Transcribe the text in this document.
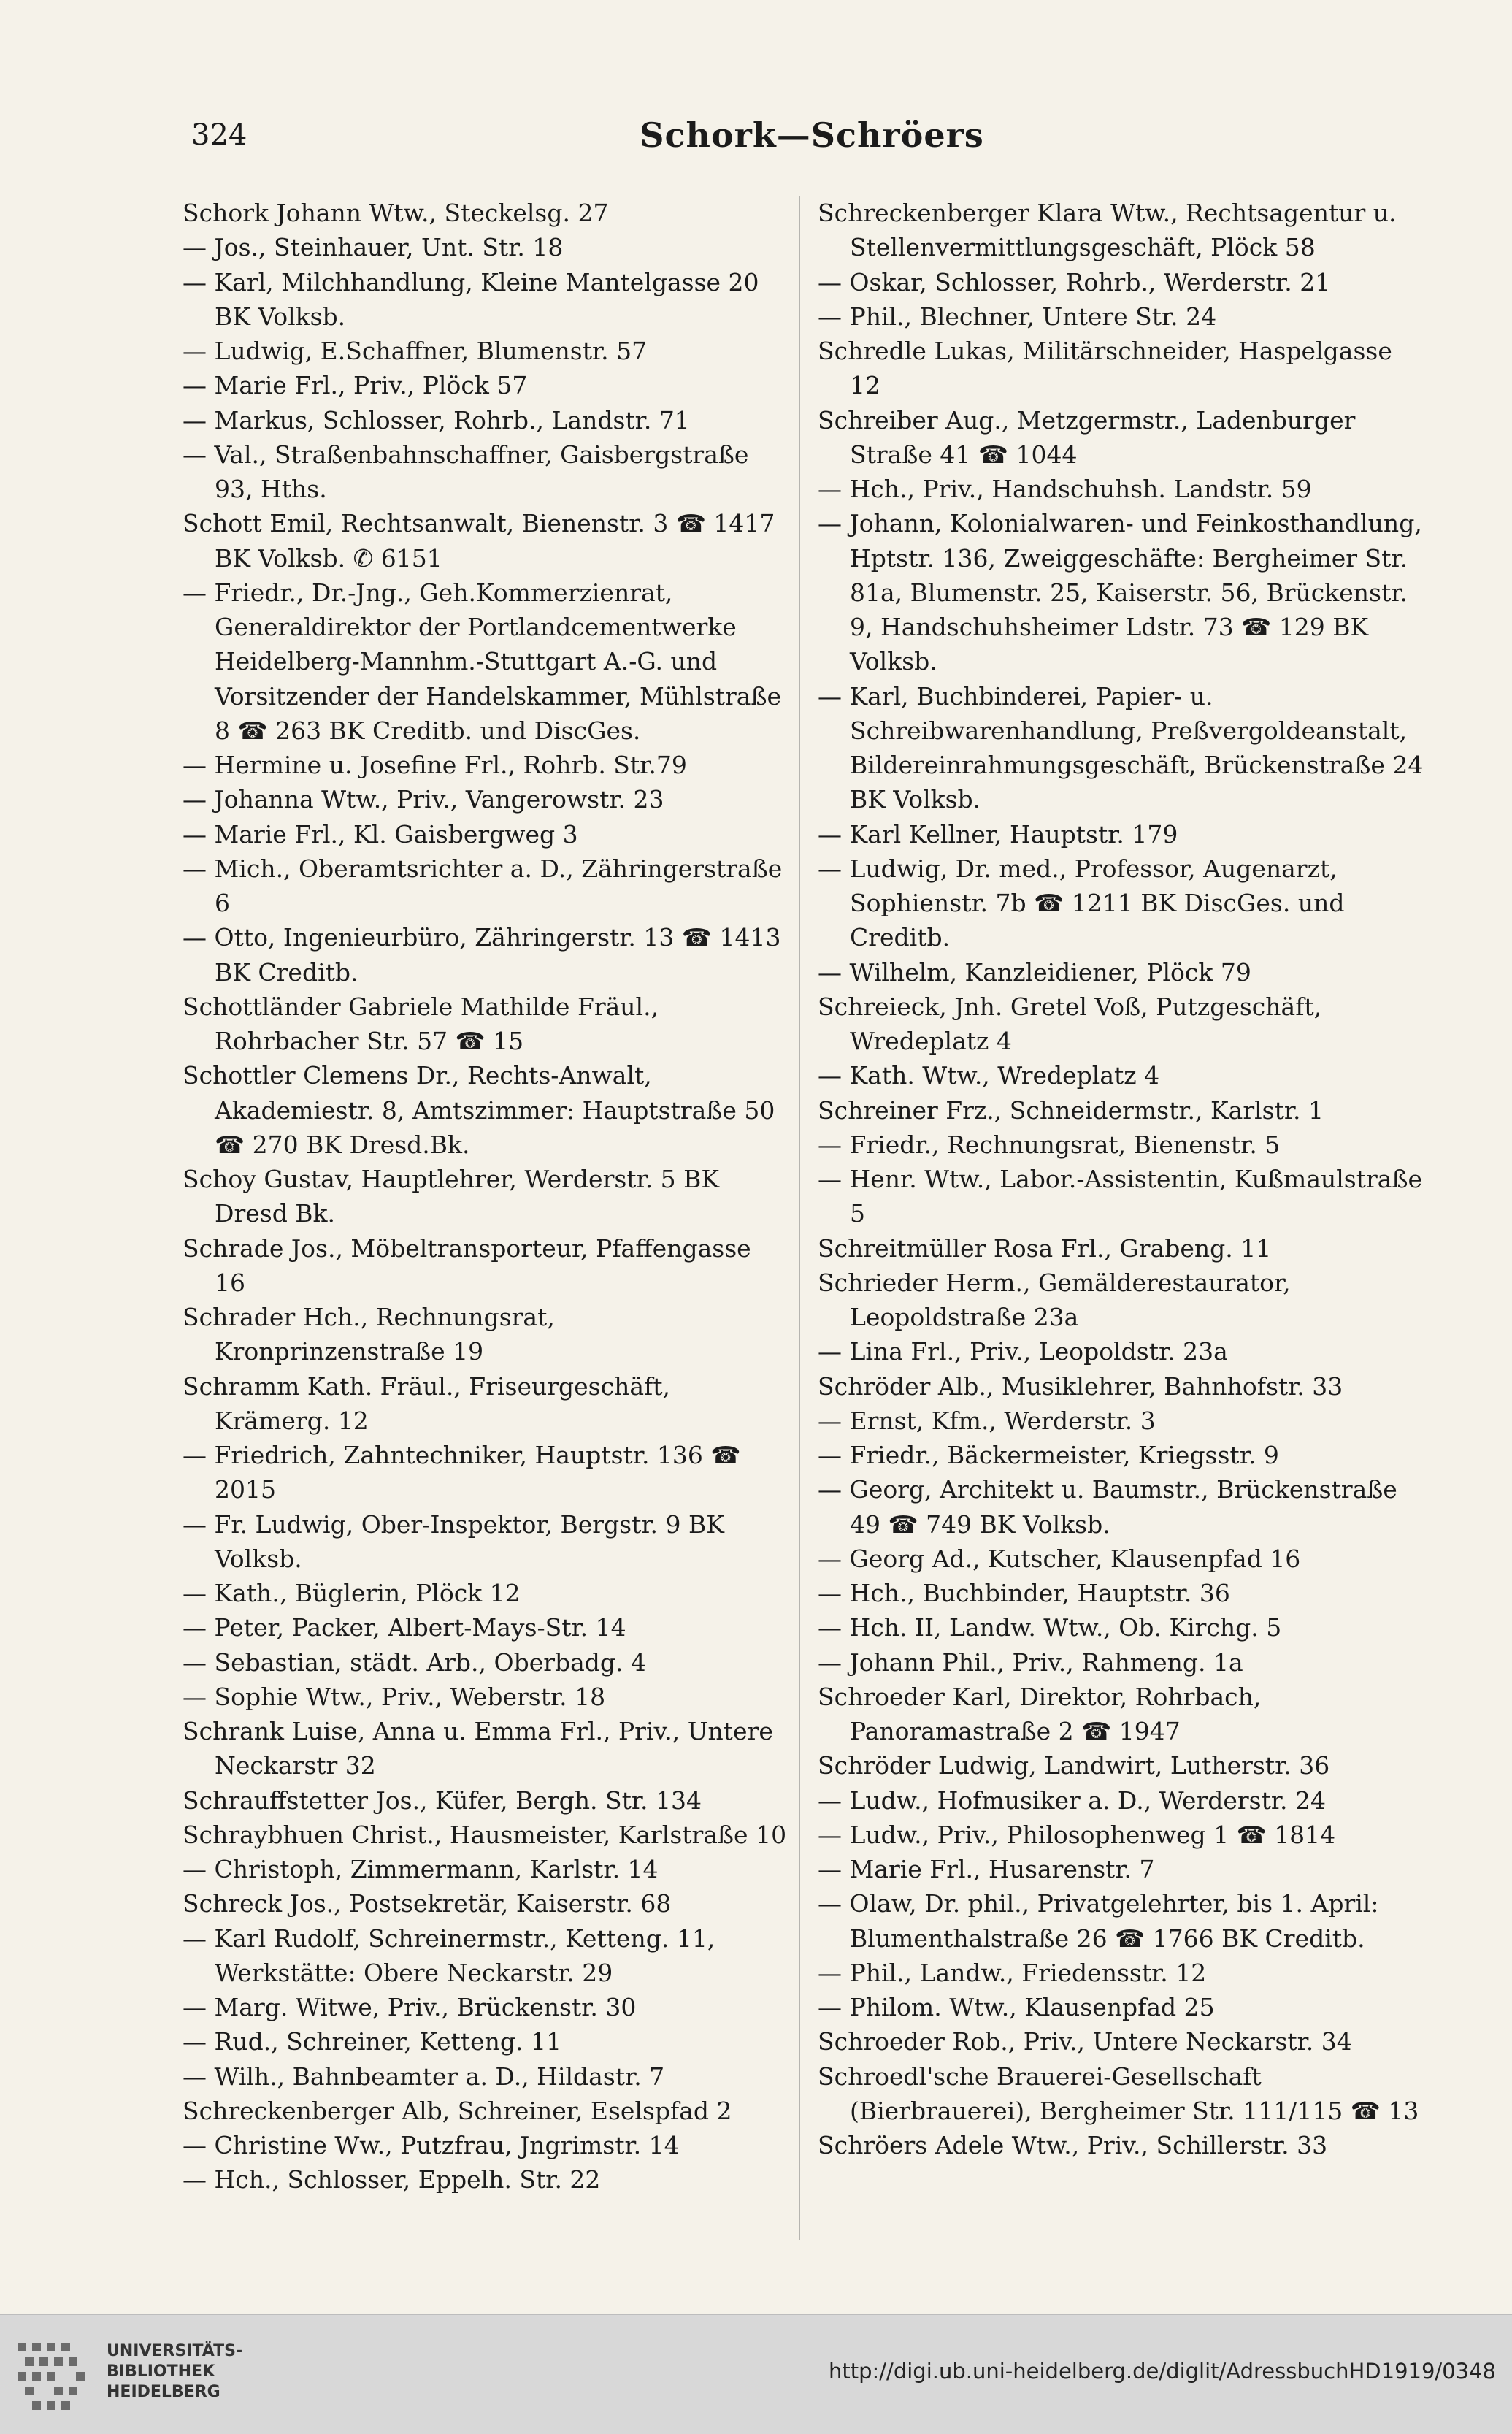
324	Schork—Schröers

Schork Johann Wtw., Steckelsg. 27

— Jos., Steinhauer, Unt. Str. 18

— Karl, Milchhandlung, Kleine Mantelgasse 20 BK Volksb.

— Ludwig, E.Schaffner, Blumenstr. 57

— Marie Frl., Priv., Plöck 57

— Markus, Schlosser, Rohrb., Landstr. 71

— Val., Straßenbahnschaffner, Gaisbergstraße 93, Hths.

Schott Emil, Rechtsanwalt, Bienenstr. 3 ☎ 1417 BK Volksb. ✆ 6151

— Friedr., Dr.-Jng., Geh.Kommerzienrat, Generaldirektor der Portlandcementwerke Heidelberg-Mannhm.-Stuttgart A.-G. und Vorsitzender der Handelskammer, Mühlstraße 8 ☎ 263 BK Creditb. und DiscGes.

— Hermine u. Josefine Frl., Rohrb. Str.79

— Johanna Wtw., Priv., Vangerowstr. 23

— Marie Frl., Kl. Gaisbergweg 3

— Mich., Oberamtsrichter a. D., Zähringerstraße 6

— Otto, Ingenieurbüro, Zähringerstr. 13 ☎ 1413 BK Creditb.

Schottländer Gabriele Mathilde Fräul., Rohrbacher Str. 57 ☎ 15

Schottler Clemens Dr., Rechts-Anwalt, Akademiestr. 8, Amtszimmer: Hauptstraße 50 ☎ 270 BK Dresd.Bk.

Schoy Gustav, Hauptlehrer, Werderstr. 5 BK Dresd Bk.

Schrade Jos., Möbeltransporteur, Pfaffengasse 16

Schrader Hch., Rechnungsrat, Kronprinzenstraße 19

Schramm Kath. Fräul., Friseurgeschäft, Krämerg. 12

— Friedrich, Zahntechniker, Hauptstr. 136 ☎ 2015

— Fr. Ludwig, Ober-Inspektor, Bergstr. 9 BK Volksb.

— Kath., Büglerin, Plöck 12

— Peter, Packer, Albert-Mays-Str. 14

— Sebastian, städt. Arb., Oberbadg. 4

— Sophie Wtw., Priv., Weberstr. 18

Schrank Luise, Anna u. Emma Frl., Priv., Untere Neckarstr 32

Schrauffstetter Jos., Küfer, Bergh. Str. 134

Schraybhuen Christ., Hausmeister, Karlstraße 10

— Christoph, Zimmermann, Karlstr. 14

Schreck Jos., Postsekretär, Kaiserstr. 68

— Karl Rudolf, Schreinermstr., Ketteng. 11, Werkstätte: Obere Neckarstr. 29

— Marg. Witwe, Priv., Brückenstr. 30

— Rud., Schreiner, Ketteng. 11

— Wilh., Bahnbeamter a. D., Hildastr. 7

Schreckenberger Alb, Schreiner, Eselspfad 2

— Christine Ww., Putzfrau, Jngrimstr. 14

— Hch., Schlosser, Eppelh. Str. 22

Schreckenberger Klara Wtw., Rechtsagentur u. Stellenvermittlungsgeschäft, Plöck 58

— Oskar, Schlosser, Rohrb., Werderstr. 21

— Phil., Blechner, Untere Str. 24

Schredle Lukas, Militärschneider, Haspelgasse 12

Schreiber Aug., Metzgermstr., Ladenburger Straße 41 ☎ 1044

— Hch., Priv., Handschuhsh. Landstr. 59

— Johann, Kolonialwaren- und Feinkosthandlung, Hptstr. 136, Zweiggeschäfte: Bergheimer Str. 81a, Blumenstr. 25, Kaiserstr. 56, Brückenstr. 9, Handschuhsheimer Ldstr. 73 ☎ 129 BK Volksb.

— Karl, Buchbinderei, Papier- u. Schreibwarenhandlung, Preßvergoldeanstalt, Bildereinrahmungsgeschäft, Brückenstraße 24 BK Volksb.

— Karl Kellner, Hauptstr. 179

— Ludwig, Dr. med., Professor, Augenarzt, Sophienstr. 7b ☎ 1211 BK DiscGes. und Creditb.

— Wilhelm, Kanzleidiener, Plöck 79

Schreieck, Jnh. Gretel Voß, Putzgeschäft, Wredeplatz 4

— Kath. Wtw., Wredeplatz 4

Schreiner Frz., Schneidermstr., Karlstr. 1

— Friedr., Rechnungsrat, Bienenstr. 5

— Henr. Wtw., Labor.-Assistentin, Kußmaulstraße 5

Schreitmüller Rosa Frl., Grabeng. 11

Schrieder Herm., Gemälderestaurator, Leopoldstraße 23a

— Lina Frl., Priv., Leopoldstr. 23a

Schröder Alb., Musiklehrer, Bahnhofstr. 33

— Ernst, Kfm., Werderstr. 3

— Friedr., Bäckermeister, Kriegsstr. 9

— Georg, Architekt u. Baumstr., Brückenstraße 49 ☎ 749 BK Volksb.

— Georg Ad., Kutscher, Klausenpfad 16

— Hch., Buchbinder, Hauptstr. 36

— Hch. II, Landw. Wtw., Ob. Kirchg. 5

— Johann Phil., Priv., Rahmeng. 1a

Schroeder Karl, Direktor, Rohrbach, Panoramastraße 2 ☎ 1947

Schröder Ludwig, Landwirt, Lutherstr. 36

— Ludw., Hofmusiker a. D., Werderstr. 24

— Ludw., Priv., Philosophenweg 1 ☎ 1814

— Marie Frl., Husarenstr. 7

— Olaw, Dr. phil., Privatgelehrter, bis 1. April: Blumenthalstraße 26 ☎ 1766 BK Creditb.

— Phil., Landw., Friedensstr. 12

— Philom. Wtw., Klausenpfad 25

Schroeder Rob., Priv., Untere Neckarstr. 34

Schroedl'sche Brauerei-Gesellschaft (Bierbrauerei), Bergheimer Str. 111/115 ☎ 13

Schröers Adele Wtw., Priv., Schillerstr. 33

UNIVERSITÄTS-
BIBLIOTHEK
HEIDELBERG
http://digi.ub.uni-heidelberg.de/diglit/AdressbuchHD1919/0348
